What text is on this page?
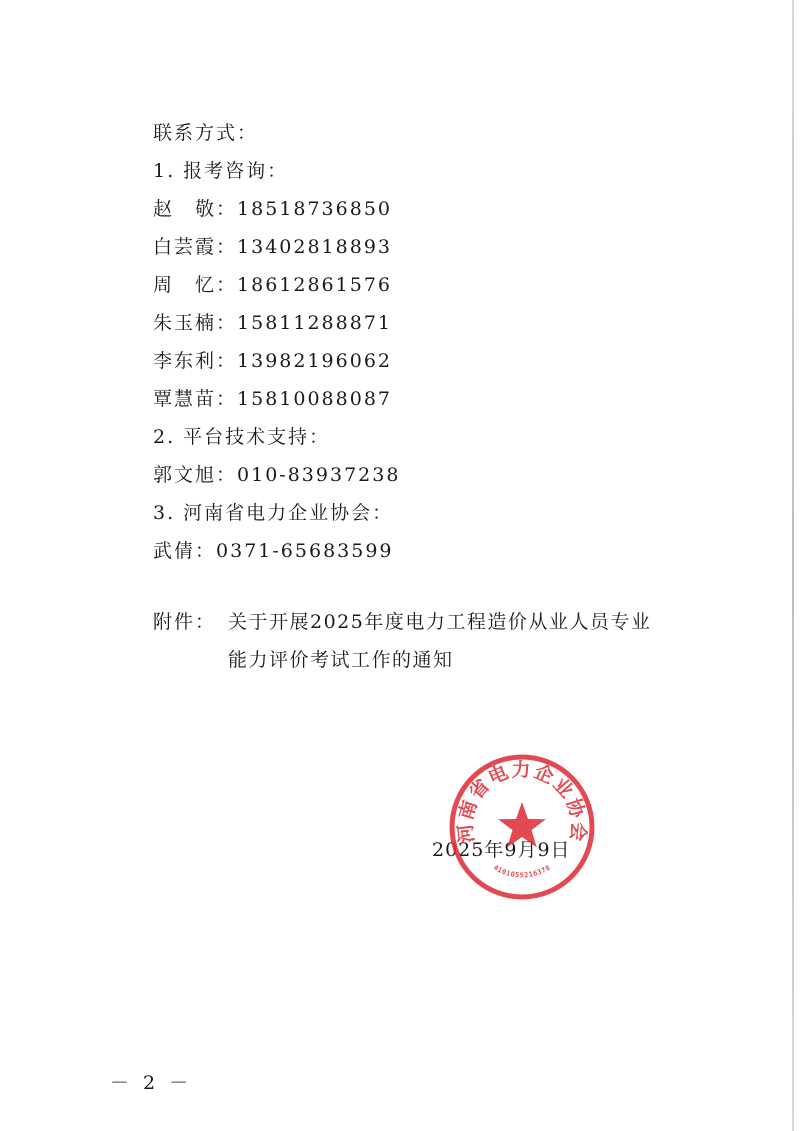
联系方式：
1. 报考咨询：
赵　敬：18518736850
白芸霞：13402818893
周　忆：18612861576
朱玉楠：15811288871
李东利：13982196062
覃慧苗：15810088087
2. 平台技术支持：
郭文旭：010-83937238
3. 河南省电力企业协会：
武倩：0371-65683599
附件： 关于开展2025年度电力工程造价从业人员专业
能力评价考试工作的通知
2025年9月9日
河南省电力企业协会
4101055216378
－ 2 －
